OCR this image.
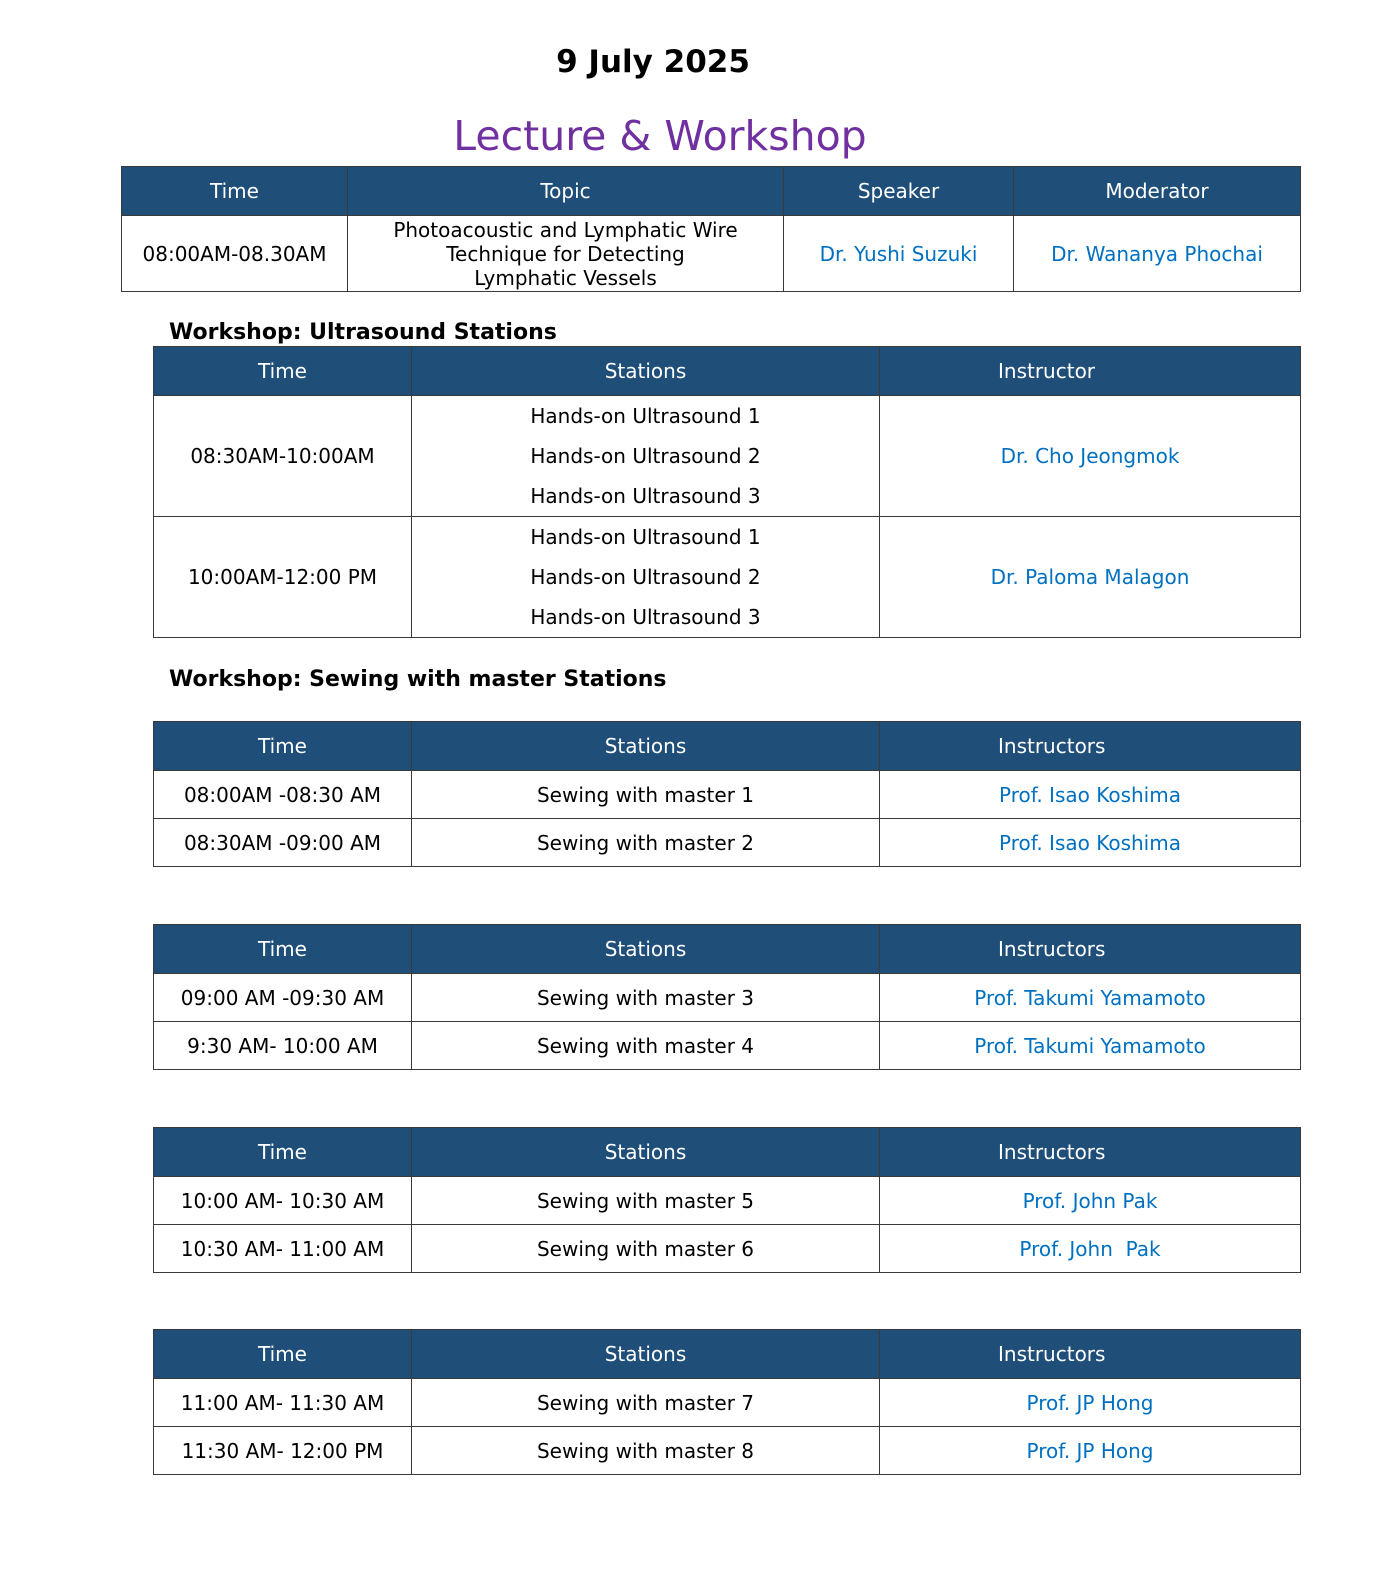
9 July 2025
Lecture & Workshop
Time	Topic	Speaker	Moderator
08:00AM-08.30AM	Photoacoustic and Lymphatic Wire
Technique for Detecting
Lymphatic Vessels	Dr. Yushi Suzuki	Dr. Wananya Phochai
Workshop: Ultrasound Stations
Time	Stations	Instructor
08:30AM-10:00AM	Hands-on Ultrasound 1
Hands-on Ultrasound 2
Hands-on Ultrasound 3	Dr. Cho Jeongmok
10:00AM-12:00 PM	Hands-on Ultrasound 1
Hands-on Ultrasound 2
Hands-on Ultrasound 3	Dr. Paloma Malagon
Workshop: Sewing with master Stations
Time	Stations	Instructors
08:00AM -08:30 AM	Sewing with master 1	Prof. Isao Koshima
08:30AM -09:00 AM	Sewing with master 2	Prof. Isao Koshima
Time	Stations	Instructors
09:00 AM -09:30 AM	Sewing with master 3	Prof. Takumi Yamamoto
9:30 AM- 10:00 AM	Sewing with master 4	Prof. Takumi Yamamoto
Time	Stations	Instructors
10:00 AM- 10:30 AM	Sewing with master 5	Prof. John Pak
10:30 AM- 11:00 AM	Sewing with master 6	Prof. John  Pak
Time	Stations	Instructors
11:00 AM- 11:30 AM	Sewing with master 7	Prof. JP Hong
11:30 AM- 12:00 PM	Sewing with master 8	Prof. JP Hong
